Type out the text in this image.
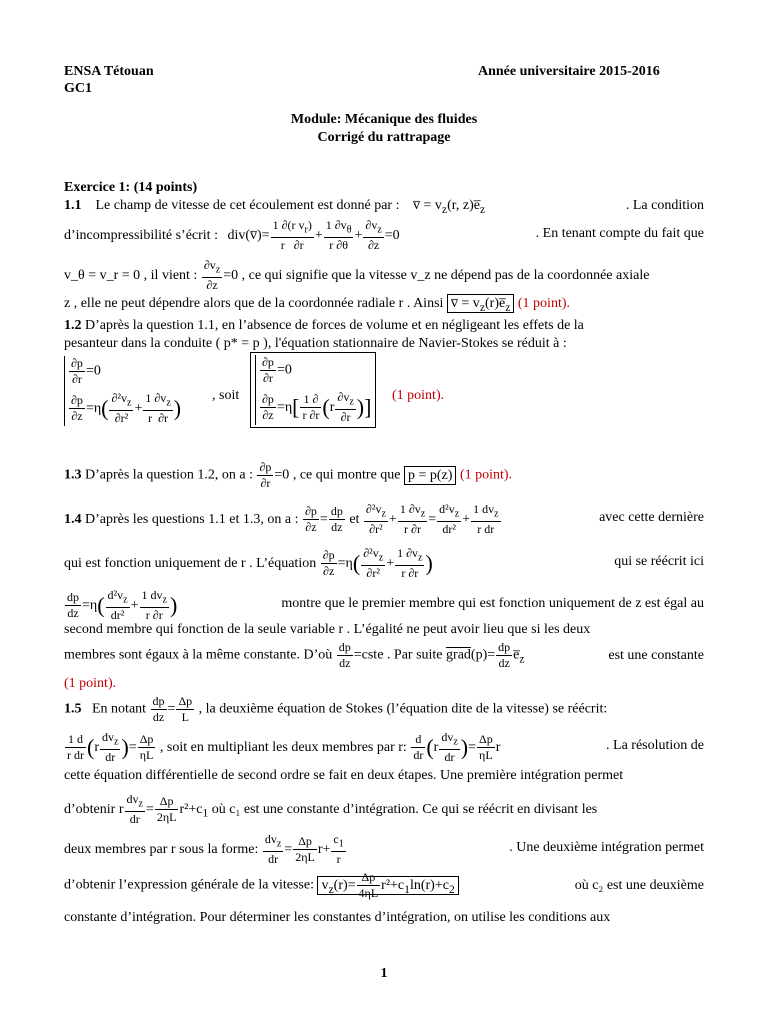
ENSA Tétouan
GC1
Année universitaire 2015-2016
Module: Mécanique des fluides
Corrigé du rattrapage
Exercice 1: (14 points)
1.1 Le champ de vitesse de cet écoulement est donné par : v̅ = $v_z(r$, $z)e̅_z$	. La condition
d’incompressibilité s’écrit : div(v̅)= $\frac{1 \partial(r v_r)}{r \partial r} + \frac{1 \partial v_\theta}{r \partial\theta} + \frac{\partial v_z}{\partial z} =0$	. En tenant compte du fait que
v_θ = v_r = 0 , il vient : $\frac{\partial v_z}{\partial z} =0$ , ce qui signifie que la vitesse v_z ne dépend pas de la coordonnée axiale
z , elle ne peut dépendre alors que de la coordonnée radiale r . Ainsi v̅ = $v_z(r)e̅_z$ (1 point).
1.2 D’après la question 1.1, en l’absence de forces de volume et en négligeant les effets de la
pesanteur dans la conduite ( p* = p ), l'équation stationnaire de Navier-Stokes se réduit à :
$\frac{\partial p}{\partial r} =0$
$\frac{\partial p}{\partial z} =\eta( \frac{\partial^2v_z}{\text{∂r²}} + \frac{1 \partial v_z}{r \partial r}$ ) , soit
$\frac{\partial p}{\partial r} =0$
$\frac{\partial p}{\partial z} =\eta[ \frac{1 \partial}{r \partial r} (r \frac{\partial v_z}{\partial r}$ )] (1 point).
1.3 D’après la question 1.2, on a : $\frac{\partial p}{\partial r} =0$ , ce qui montre que p = p(z) (1 point).
1.4 D’après les questions 1.1 et 1.3, on a : $\frac{\partial p}{\partial z} = \frac{dp}{dz}$ et $\frac{\partial^2v_z}{\text{∂r²}} + \frac{1 \partial v_z}{r \partial r} = \frac{d^2v_z}{\text{dr²}} + \frac{1 dv_z}{\text{r dr}}$	avec cette dernière
qui est fonction uniquement de r . L’équation $\frac{\partial p}{\partial z} =\eta( \frac{\partial^2v_z}{\text{∂r²}} + \frac{1 \partial v_z}{r \partial r}$ )	qui se réécrit ici
$\frac{dp}{dz} =\eta( \frac{d^2v_z}{\text{dr²}} + \frac{1 dv_z}{r \partial r}$ )	montre que le premier membre qui est fonction uniquement de z est égal au
second membre qui fonction de la seule variable r . L’égalité ne peut avoir lieu que si les deux
membres sont égaux à la même constante. D’où $\frac{dp}{dz}$ =cste . Par suite grad(p)= $\frac{dp}{dz}$ $e̅_z$	est une constante
(1 point).
1.5 En notant $\frac{dp}{dz} = \frac{\Delta p}{L}$ , la deuxième équation de Stokes (l’équation dite de la vitesse) se réécrit:
$\frac{1 d}{\text{r dr}} (r \frac{dv_z}{dr}$ )= $\frac{\Delta p}{\eta L}$ , soit en multipliant les deux membres par r: $\frac{d}{dr} (r \frac{dv_z}{dr}$ )= $\frac{\Delta p}{\eta L}$ r	. La résolution de
cette équation différentielle de second ordre se fait en deux étapes. Une première intégration permet
d’obtenir r $\frac{dv_z}{dr} = \frac{\Delta p}{2\eta L} r^2+c_1$ où c₁ est une constante d’intégration. Ce qui se réécrit en divisant les
deux membres par r sous la forme: $\frac{dv_z}{dr} = \frac{\Delta p}{2\eta L} r+ \frac{c_1}{r}$	. Une deuxième intégration permet
d’obtenir l’expression générale de la vitesse: $v_z(r)= \frac{\Delta p}{4\eta L} r^2+c_1\ln(r)+c_2$	où c₂ est une deuxième
constante d’intégration. Pour déterminer les constantes d’intégration, on utilise les conditions aux
1
